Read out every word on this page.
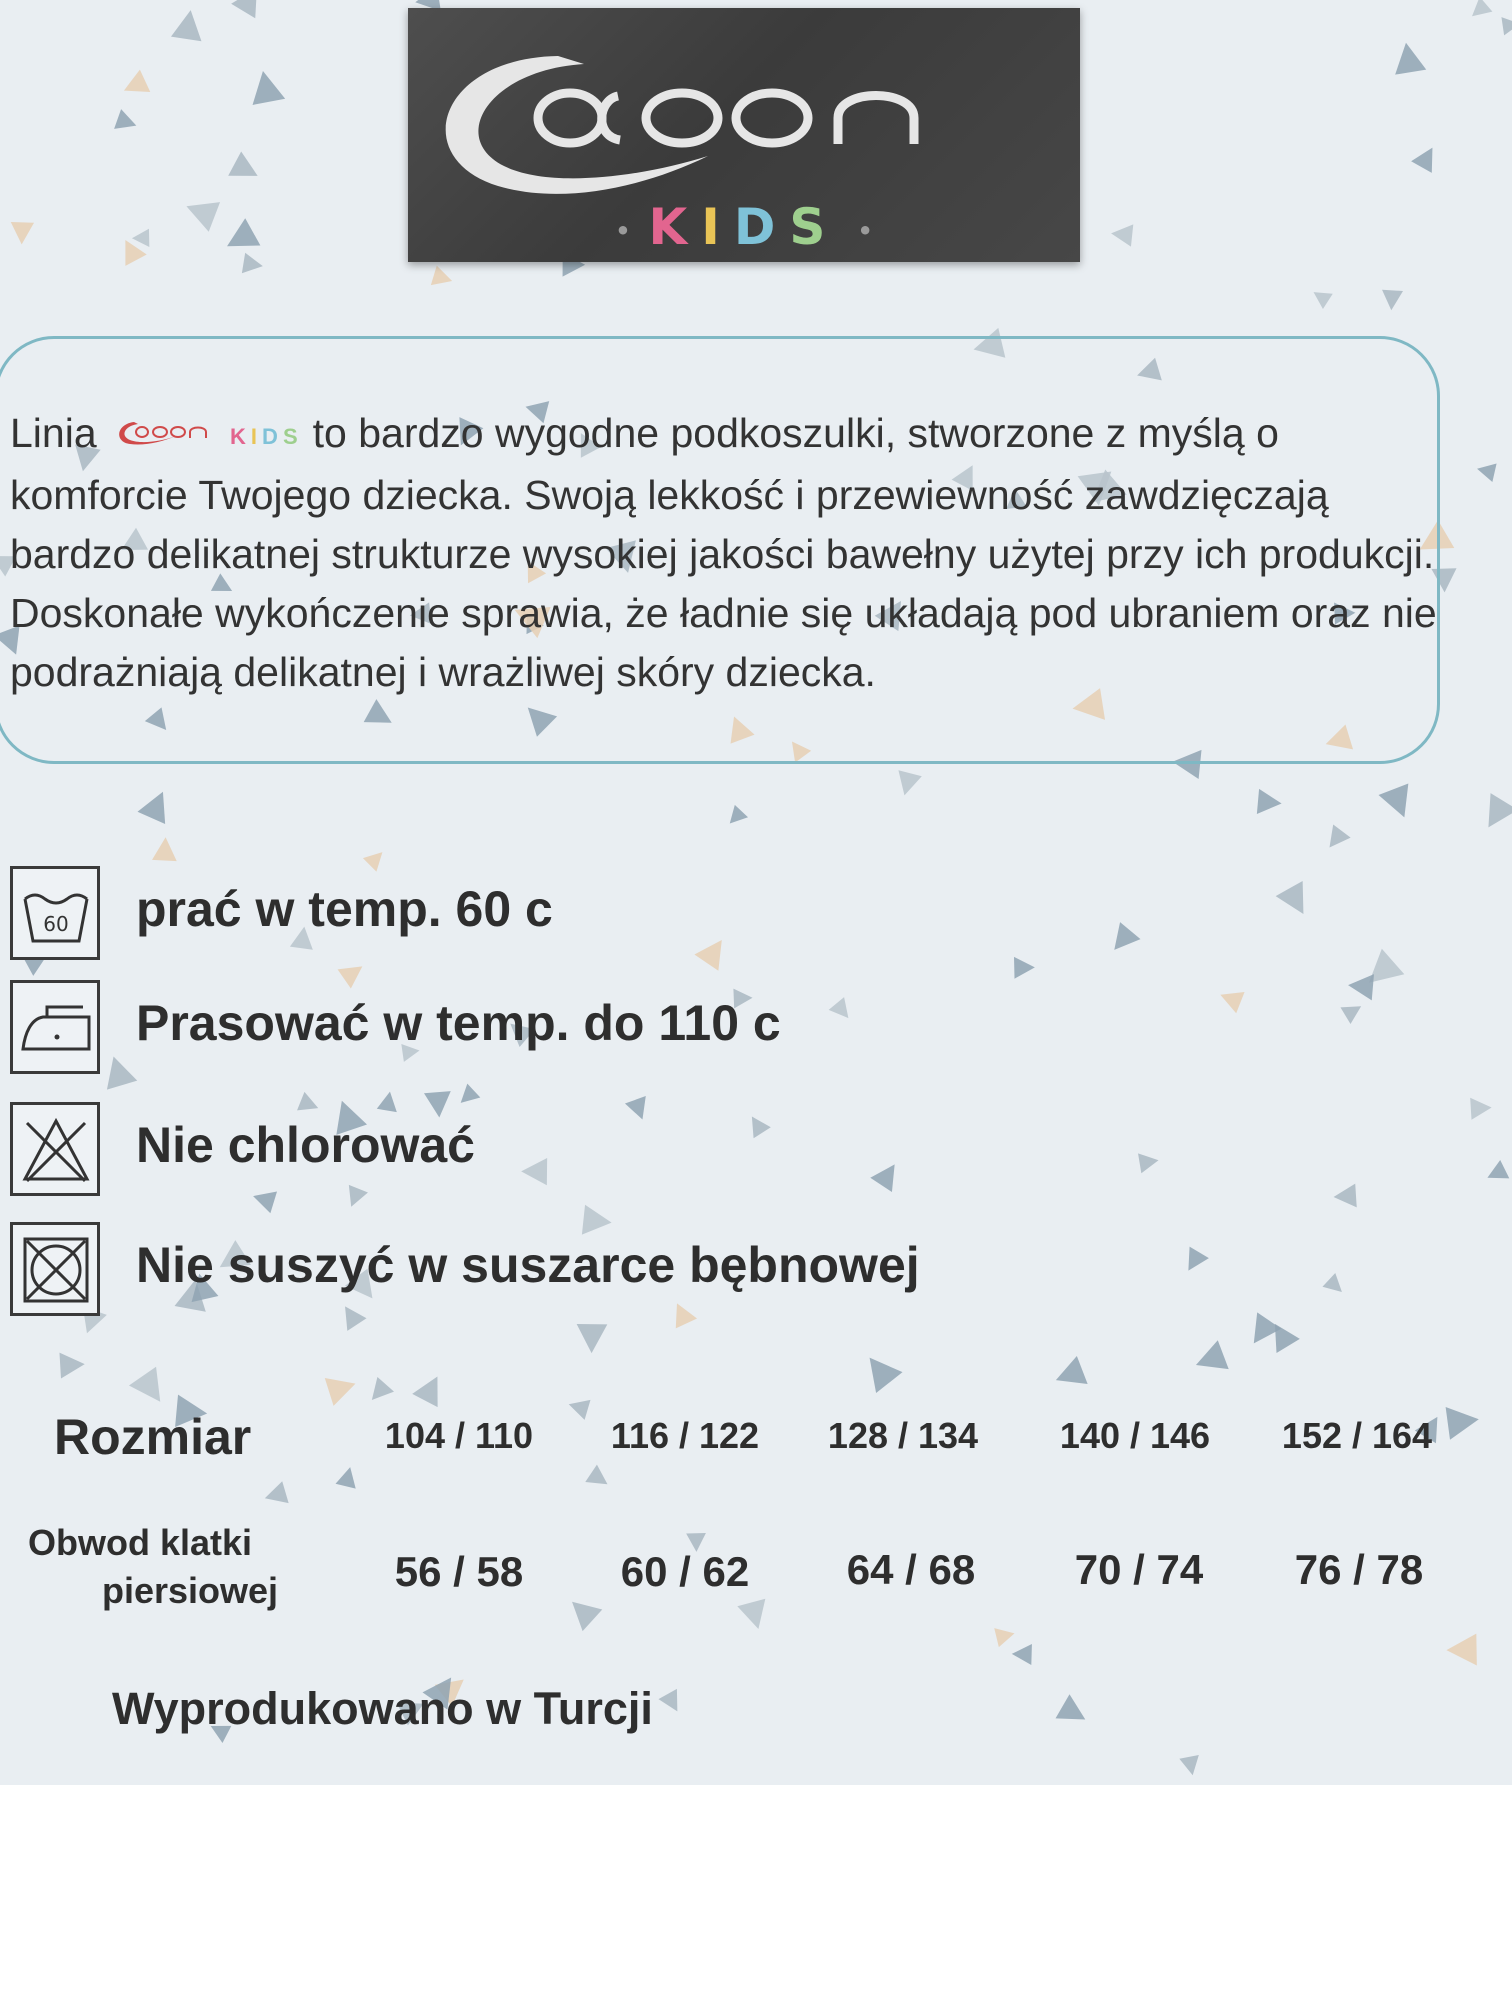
• KIDS •
Linia	KIDS to bardzo wygodne podkoszulki, stworzone z myślą o komforcie Twojego dziecka. Swoją lekkość i przewiewność zawdzięczają bardzo delikatnej strukturze wysokiej jakości bawełny użytej przy ich produkcji. Doskonałe wykończenie sprawia, że ładnie się układają pod ubraniem oraz nie podrażniają delikatnej i wrażliwej skóry dziecka.
60 prać w temp. 60 c
Prasować w temp. do 110 c
Nie chlorować
Nie suszyć w suszarce bębnowej
Rozmiar	104 / 110	116 / 122	128 / 134	140 / 146	152 / 164
Obwod klatki
piersiowej	56 / 58	60 / 62	64 / 68	70 / 74	76 / 78
Wyprodukowano w Turcji
